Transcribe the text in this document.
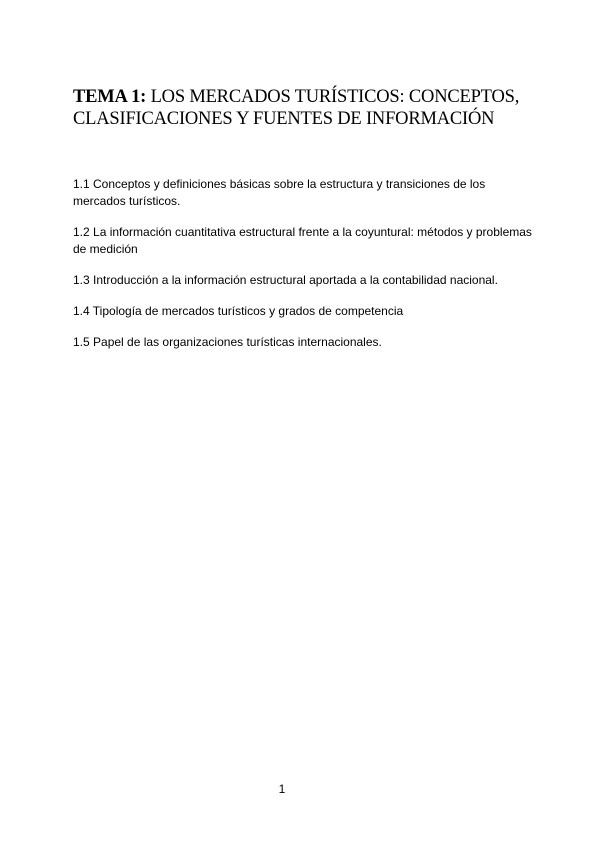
TEMA 1: LOS MERCADOS TURÍSTICOS: CONCEPTOS, CLASIFICACIONES Y FUENTES DE INFORMACIÓN
1.1 Conceptos y definiciones básicas sobre la estructura y transiciones de los mercados turísticos.
1.2 La información cuantitativa estructural frente a la coyuntural: métodos y problemas de medición
1.3 Introducción a la información estructural aportada a la contabilidad nacional.
1.4 Tipología de mercados turísticos y grados de competencia
1.5 Papel de las organizaciones turísticas internacionales.
1
